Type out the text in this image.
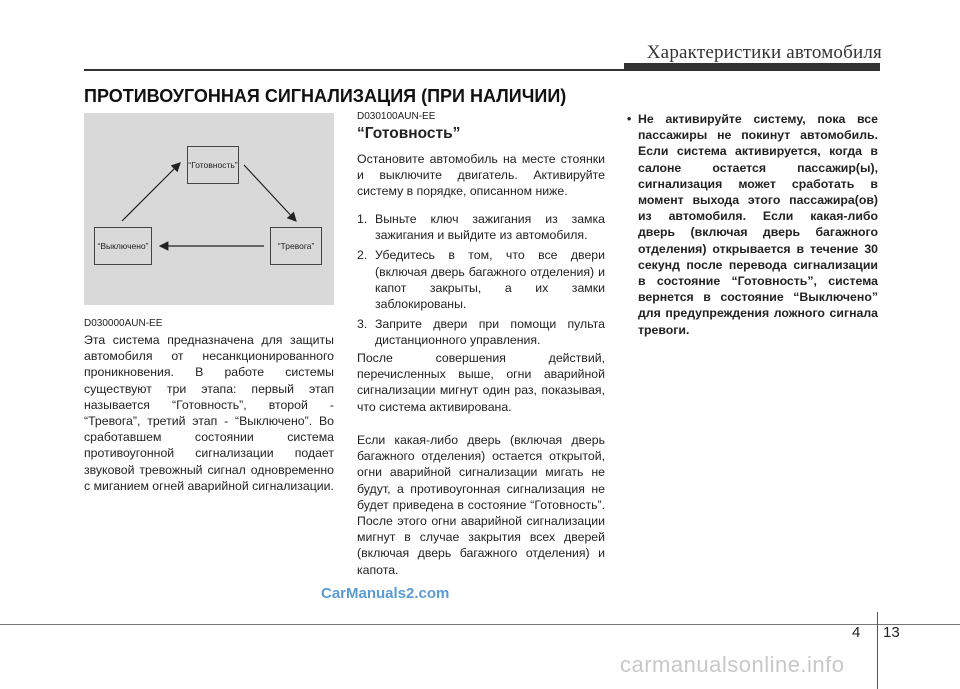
Характеристики автомобиля
ПРОТИВОУГОННАЯ СИГНАЛИЗАЦИЯ (ПРИ НАЛИЧИИ)
“Готовность”
“Выключено”	“Тревога”
D030000AUN-EE
Эта система предназначена для защиты автомобиля от несанкционированного проникновения. В работе системы существуют три этапа: первый этап называется “Готовность”, второй - “Тревога”, третий этап - “Выключено”. Во сработавшем состоянии система противоугонной сигнализации подает звуковой тревожный сигнал одновременно с миганием огней аварийной сигнализации.
D030100AUN-EE
“Готовность”
Остановите автомобиль на месте стоянки и выключите двигатель. Активируйте систему в порядке, описанном ниже.
1. Выньте ключ зажигания из замка зажигания и выйдите из автомобиля.
2. Убедитесь в том, что все двери (включая дверь багажного отделения) и капот закрыты, а их замки заблокированы.
3. Заприте двери при помощи пульта дистанционного управления.
После совершения действий, перечисленных выше, огни аварийной сигнализации мигнут один раз, показывая, что система активирована.
Если какая-либо дверь (включая дверь багажного отделения) остается открытой, огни аварийной сигнализации мигать не будут, а противоугонная сигнализация не будет приведена в состояние “Готовность”. После этого огни аварийной сигнализации мигнут в случае закрытия всех дверей (включая дверь багажного отделения) и капота.
• Не активируйте систему, пока все пассажиры не покинут автомобиль. Если система активируется, когда в салоне остается пассажир(ы), сигнализация может сработать в момент выхода этого пассажира(ов) из автомобиля. Если какая-либо дверь (включая дверь багажного отделения) открывается в течение 30 секунд после перевода сигнализации в состояние “Готовность”, система вернется в состояние “Выключено” для предупреждения ложного сигнала тревоги.
CarManuals2.com
4 13
carmanualsonline.info
